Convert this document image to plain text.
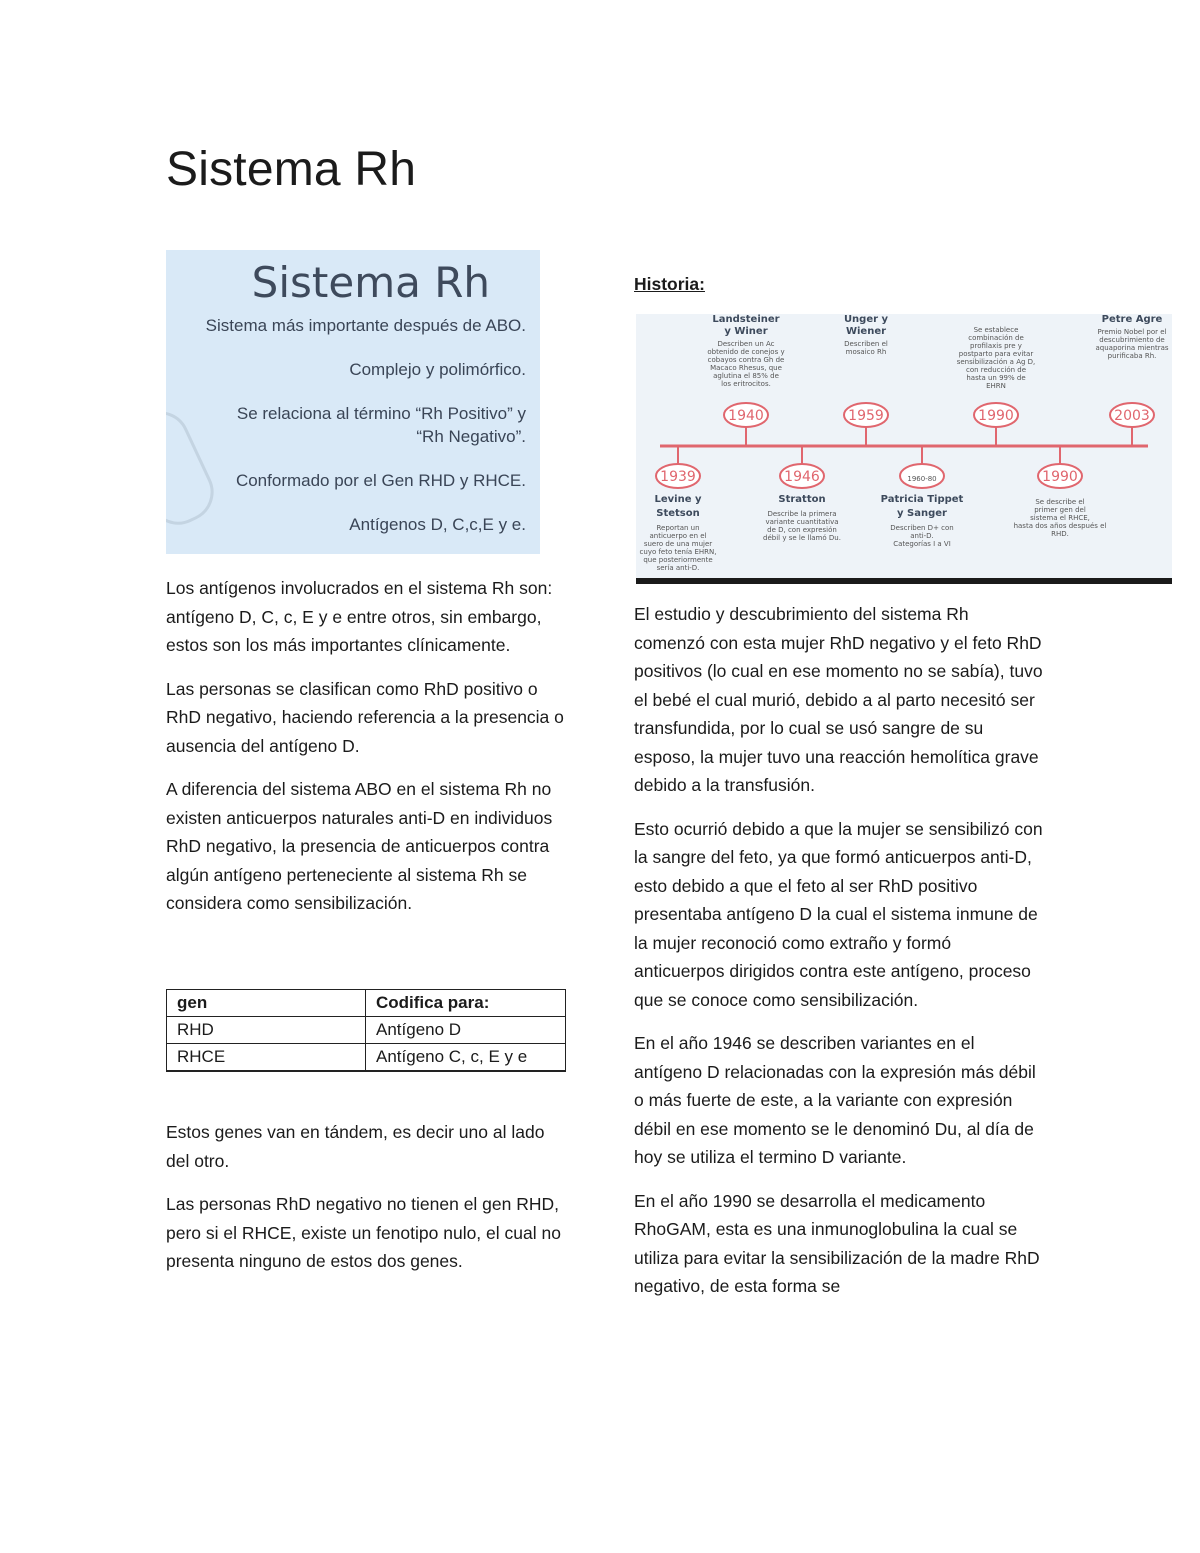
Sistema Rh
Sistema Rh

Sistema más importante después de ABO.

Complejo y polimórfico.

Se relaciona al término “Rh Positivo” y “Rh Negativo”.

Conformado por el Gen RHD y RHCE.

Antígenos D, C,c,E y e.

Los antígenos involucrados en el sistema Rh son: antígeno D, C, c, E y e entre otros, sin embargo, estos son los más importantes clínicamente.

Las personas se clasifican como RhD positivo o RhD negativo, haciendo referencia a la presencia o ausencia del antígeno D.

A diferencia del sistema ABO en el sistema Rh no existen anticuerpos naturales anti-D en individuos RhD negativo, la presencia de anticuerpos contra algún antígeno perteneciente al sistema Rh se considera como sensibilización.

gen	Codifica para:
RHD	Antígeno D
RHCE	Antígeno C, c, E y e

Estos genes van en tándem, es decir uno al lado del otro.

Las personas RhD negativo no tienen el gen RHD, pero si el RHCE, existe un fenotipo nulo, el cual no presenta ninguno de estos dos genes.

Historia:
1940
Landsteiner
y Winer
Describen un Ac
obtenido de conejos y
cobayos contra Gh de
Macaco Rhesus, que
aglutina el 85% de
los eritrocitos.
1959
Unger y
Wiener
Describen el
mosaico Rh
1990
Se establece
combinación de
profilaxis pre y
postparto para evitar
sensibilización a Ag D,
con reducción de
hasta un 99% de
EHRN
2003
Petre Agre
Premio Nobel por el
descubrimiento de
aquaporina mientras
purificaba Rh.
1939
Levine y
Stetson
Reportan un
anticuerpo en el
suero de una mujer
cuyo feto tenía EHRN,
que posteriormente
sería anti-D.
1946
Stratton
Describe la primera
variante cuantitativa
de D, con expresión
débil y se le llamó Du.
1960-80
Patricia Tippet
y Sanger
Describen D+ con
anti-D.
Categorías I a VI
1990
Se describe el
primer gen del
sistema el RHCE,
hasta dos años después el
RHD.

El estudio y descubrimiento del sistema Rh comenzó con esta mujer RhD negativo y el feto RhD positivos (lo cual en ese momento no se sabía), tuvo el bebé el cual murió, debido a al parto necesitó ser transfundida, por lo cual se usó sangre de su esposo, la mujer tuvo una reacción hemolítica grave debido a la transfusión.

Esto ocurrió debido a que la mujer se sensibilizó con la sangre del feto, ya que formó anticuerpos anti-D, esto debido a que el feto al ser RhD positivo presentaba antígeno D la cual el sistema inmune de la mujer reconoció como extraño y formó anticuerpos dirigidos contra este antígeno, proceso que se conoce como sensibilización.

En el año 1946 se describen variantes en el antígeno D relacionadas con la expresión más débil o más fuerte de este, a la variante con expresión débil en ese momento se le denominó Du, al día de hoy se utiliza el termino D variante.

En el año 1990 se desarrolla el medicamento RhoGAM, esta es una inmunoglobulina la cual se utiliza para evitar la sensibilización de la madre RhD negativo, de esta forma se
